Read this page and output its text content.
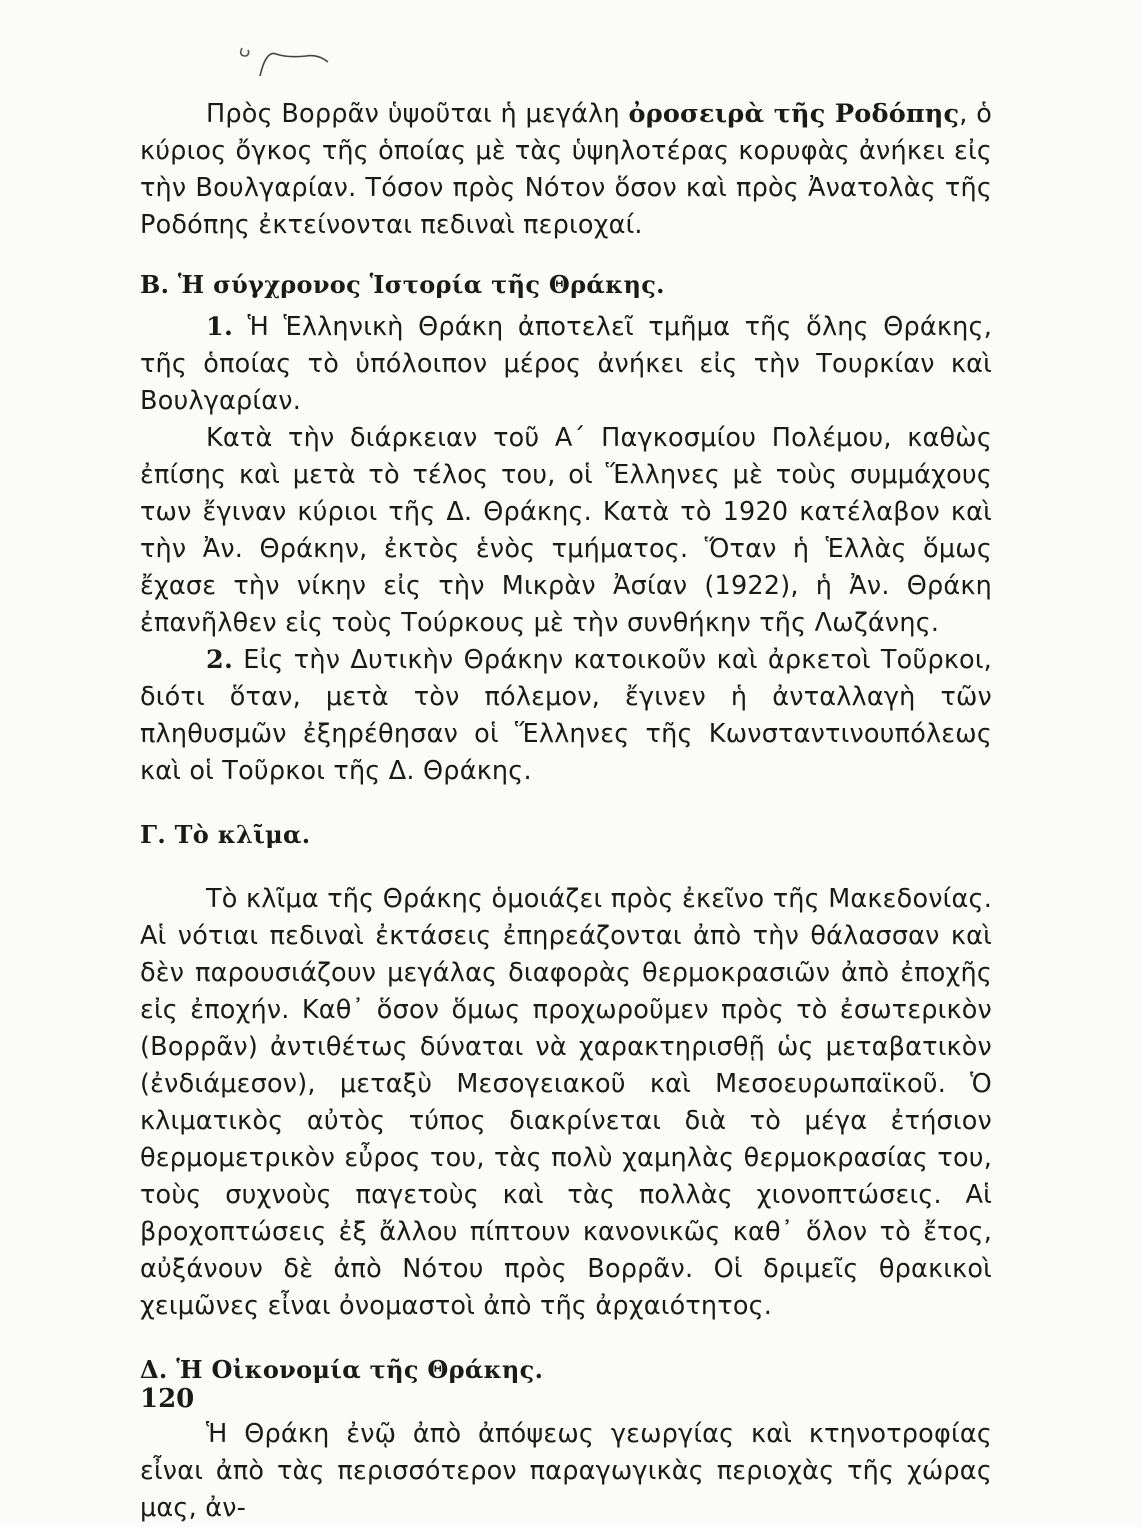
Πρὸς Βορρᾶν ὑψοῦται ἡ μεγάλη ὀροσειρὰ τῆς Ροδόπης, ὁ κύριος ὄγκος τῆς ὁποίας μὲ τὰς ὑψηλοτέρας κορυφὰς ἀνήκει εἰς τὴν Βουλγαρίαν. Τόσον πρὸς Νότον ὅσον καὶ πρὸς Ἀνατολὰς τῆς Ροδόπης ἐκτείνονται πεδιναὶ περιοχαί.

B. Ἡ σύγχρονος Ἱστορία τῆς Θράκης.

1. Ἡ Ἑλληνικὴ Θράκη ἀποτελεῖ τμῆμα τῆς ὅλης Θράκης, τῆς ὁποίας τὸ ὑπόλοιπον μέρος ἀνήκει εἰς τὴν Τουρκίαν καὶ Βουλγαρίαν.

Κατὰ τὴν διάρκειαν τοῦ Α΄ Παγκοσμίου Πολέμου, καθὼς ἐπίσης καὶ μετὰ τὸ τέλος του, οἱ Ἕλληνες μὲ τοὺς συμμάχους των ἔγιναν κύριοι τῆς Δ. Θράκης. Κατὰ τὸ 1920 κατέλαβον καὶ τὴν Ἀν. Θράκην, ἐκτὸς ἑνὸς τμήματος. Ὅταν ἡ Ἑλλὰς ὅμως ἔχασε τὴν νίκην εἰς τὴν Μικρὰν Ἀσίαν (1922), ἡ Ἀν. Θράκη ἐπανῆλθεν εἰς τοὺς Τούρκους μὲ τὴν συνθήκην τῆς Λωζάνης.

2. Εἰς τὴν Δυτικὴν Θράκην κατοικοῦν καὶ ἀρκετοὶ Τοῦρκοι, διότι ὅταν, μετὰ τὸν πόλεμον, ἔγινεν ἡ ἀνταλλαγὴ τῶν πληθυσμῶν ἐξηρέθησαν οἱ Ἕλληνες τῆς Κωνσταντινουπόλεως καὶ οἱ Τοῦρκοι τῆς Δ. Θράκης.

Γ. Τὸ κλῖμα.

Τὸ κλῖμα τῆς Θράκης ὁμοιάζει πρὸς ἐκεῖνο τῆς Μακεδονίας. Αἱ νότιαι πεδιναὶ ἐκτάσεις ἐπηρεάζονται ἀπὸ τὴν θάλασσαν καὶ δὲν παρουσιάζουν μεγάλας διαφορὰς θερμοκρασιῶν ἀπὸ ἐποχῆς εἰς ἐποχήν. Καθ᾽ ὅσον ὅμως προχωροῦμεν πρὸς τὸ ἐσωτερικὸν (Βορρᾶν) ἀντιθέτως δύναται νὰ χαρακτηρισθῇ ὡς μεταβατικὸν (ἐνδιάμεσον), μεταξὺ Μεσογειακοῦ καὶ Μεσοευρωπαϊκοῦ. Ὁ κλιματικὸς αὐτὸς τύπος διακρίνεται διὰ τὸ μέγα ἐτήσιον θερμομετρικὸν εὖρος του, τὰς πολὺ χαμηλὰς θερμοκρασίας του, τοὺς συχνοὺς παγετοὺς καὶ τὰς πολλὰς χιονοπτώσεις. Αἱ βροχοπτώσεις ἐξ ἄλλου πίπτουν κανονικῶς καθ᾽ ὅλον τὸ ἔτος, αὐξάνουν δὲ ἀπὸ Νότου πρὸς Βορρᾶν. Οἱ δριμεῖς θρακικοὶ χειμῶνες εἶναι ὀνομαστοὶ ἀπὸ τῆς ἀρχαιότητος.

Δ. Ἡ Οἰκονομία τῆς Θράκης.

Ἡ Θράκη ἐνῷ ἀπὸ ἀπόψεως γεωργίας καὶ κτηνοτροφίας εἶναι ἀπὸ τὰς περισσότερον παραγωγικὰς περιοχὰς τῆς χώρας μας, ἀν-

120
